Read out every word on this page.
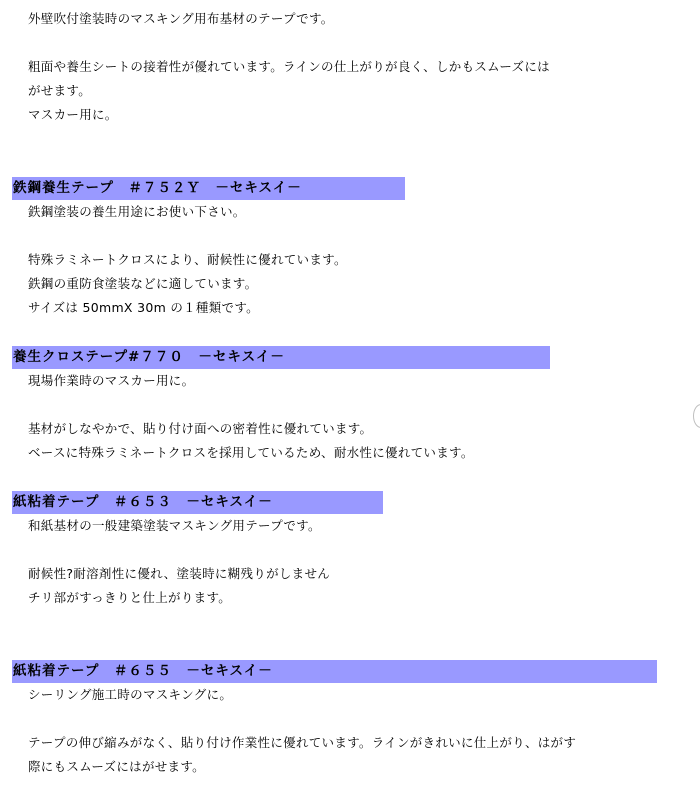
外壁吹付塗装時のマスキング用布基材のテープです。
粗面や養生シートの接着性が優れています。ラインの仕上がりが良く、しかもスムーズには
がせます。
マスカー用に。
鉄鋼養生テープ　＃７５２Ｙ　－セキスイ－
鉄鋼塗装の養生用途にお使い下さい。
特殊ラミネートクロスにより、耐候性に優れています。
鉄鋼の重防食塗装などに適しています。
サイズは 50mmX 30m の１種類です。
養生クロステープ#７７０　－セキスイ－
現場作業時のマスカー用に。
基材がしなやかで、貼り付け面への密着性に優れています。
ベースに特殊ラミネートクロスを採用しているため、耐水性に優れています。
紙粘着テープ　＃６５３　－セキスイ－
和紙基材の一般建築塗装マスキング用テープです。
耐候性?耐溶剤性に優れ、塗装時に糊残りがしません
チリ部がすっきりと仕上がります。
紙粘着テープ　＃６５５　－セキスイ－
シーリング施工時のマスキングに。
テープの伸び縮みがなく、貼り付け作業性に優れています。ラインがきれいに仕上がり、はがす
際にもスムーズにはがせます。
